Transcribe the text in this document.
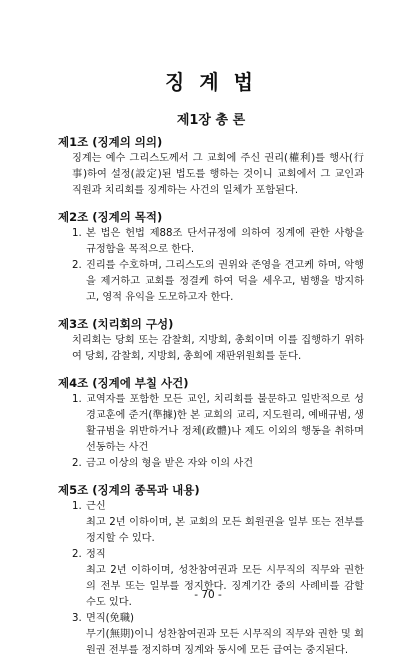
징 계 법
제1장 총 론
제1조 (징계의 의의)
징계는 예수 그리스도께서 그 교회에 주신 권리(權利)를 행사(行事)하여 설정(設定)된 법도를 행하는 것이니 교회에서 그 교인과 직원과 치리회를 징계하는 사건의 일체가 포함된다.
제2조 (징계의 목적)
1. 본 법은 헌법 제88조 단서규정에 의하여 징계에 관한 사항을 규정함을 목적으로 한다.
2. 진리를 수호하며, 그리스도의 권위와 존영을 견고케 하며, 악행을 제거하고 교회를 정결케 하여 덕을 세우고, 범행을 방지하고, 영적 유익을 도모하고자 한다.
제3조 (치리회의 구성)
치리회는 당회 또는 감찰회, 지방회, 총회이며 이를 집행하기 위하여 당회, 감찰회, 지방회, 총회에 재판위원회를 둔다.
제4조 (징계에 부칠 사건)
1. 교역자를 포함한 모든 교인, 치리회를 불문하고 일반적으로 성경교훈에 준거(準據)한 본 교회의 교리, 지도원리, 예배규범, 생활규범을 위반하거나 정체(政體)나 제도 이외의 행동을 취하며 선동하는 사건
2. 금고 이상의 형을 받은 자와 이의 사건
제5조 (징계의 종목과 내용)
1. 근신
최고 2년 이하이며, 본 교회의 모든 회원권을 일부 또는 전부를 정지할 수 있다.
2. 정직
최고 2년 이하이며, 성찬참여권과 모든 시무직의 직무와 권한의 전부 또는 일부를 정지한다. 징계기간 중의 사례비를 감할 수도 있다.
3. 면직(免職)
무기(無期)이니 성찬참여권과 모든 시무직의 직무와 권한 및 회원권 전부를 정지하며 징계와 동시에 모든 급여는 중지된다.
- 70 -
